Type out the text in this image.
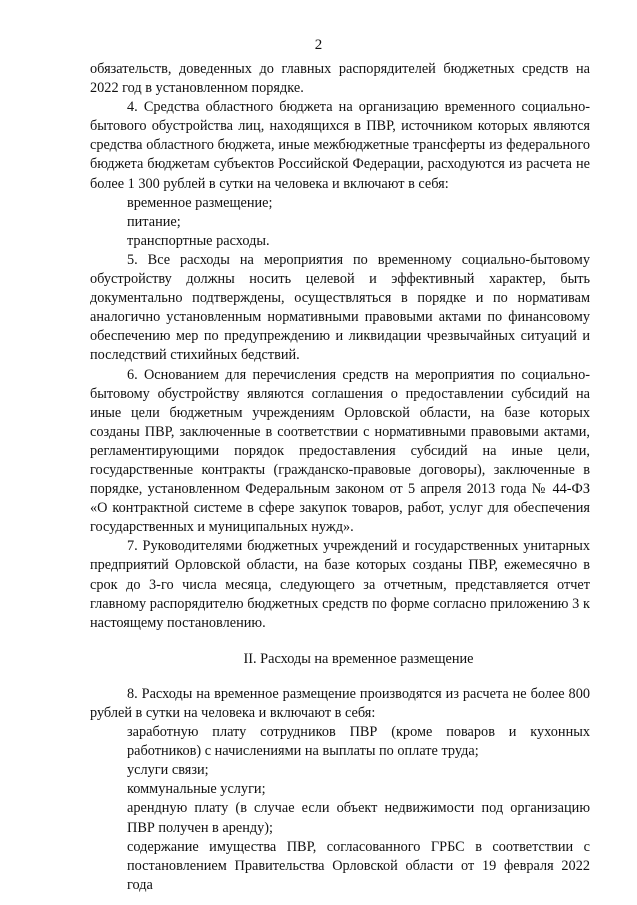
2

обязательств, доведенных до главных распорядителей бюджетных средств на 2022 год в установленном порядке.

4. Средства областного бюджета на организацию временного социально-бытового обустройства лиц, находящихся в ПВР, источником которых являются средства областного бюджета, иные межбюджетные трансферты из федерального бюджета бюджетам субъектов Российской Федерации, расходуются из расчета не более 1 300 рублей в сутки на человека и включают в себя:

временное размещение;

питание;

транспортные расходы.

5. Все расходы на мероприятия по временному социально-бытовому обустройству должны носить целевой и эффективный характер, быть документально подтверждены, осуществляться в порядке и по нормативам аналогично установленным нормативными правовыми актами по финансовому обеспечению мер по предупреждению и ликвидации чрезвычайных ситуаций и последствий стихийных бедствий.

6. Основанием для перечисления средств на мероприятия по социально-бытовому обустройству являются соглашения о предоставлении субсидий на иные цели бюджетным учреждениям Орловской области, на базе которых созданы ПВР, заключенные в соответствии с нормативными правовыми актами, регламентирующими порядок предоставления субсидий на иные цели, государственные контракты (гражданско-правовые договоры), заключенные в порядке, установленном Федеральным законом от 5 апреля 2013 года № 44-ФЗ «О контрактной системе в сфере закупок товаров, работ, услуг для обеспечения государственных и муниципальных нужд».

7. Руководителями бюджетных учреждений и государственных унитарных предприятий Орловской области, на базе которых созданы ПВР, ежемесячно в срок до 3-го числа месяца, следующего за отчетным, представляется отчет главному распорядителю бюджетных средств по форме согласно приложению 3 к настоящему постановлению.

II. Расходы на временное размещение

8. Расходы на временное размещение производятся из расчета не более 800 рублей в сутки на человека и включают в себя:

заработную плату сотрудников ПВР (кроме поваров и кухонных работников) с начислениями на выплаты по оплате труда;

услуги связи;

коммунальные услуги;

арендную плату (в случае если объект недвижимости под организацию ПВР получен в аренду);

содержание имущества ПВР, согласованного ГРБС в соответствии с постановлением Правительства Орловской области от 19 февраля 2022 года
